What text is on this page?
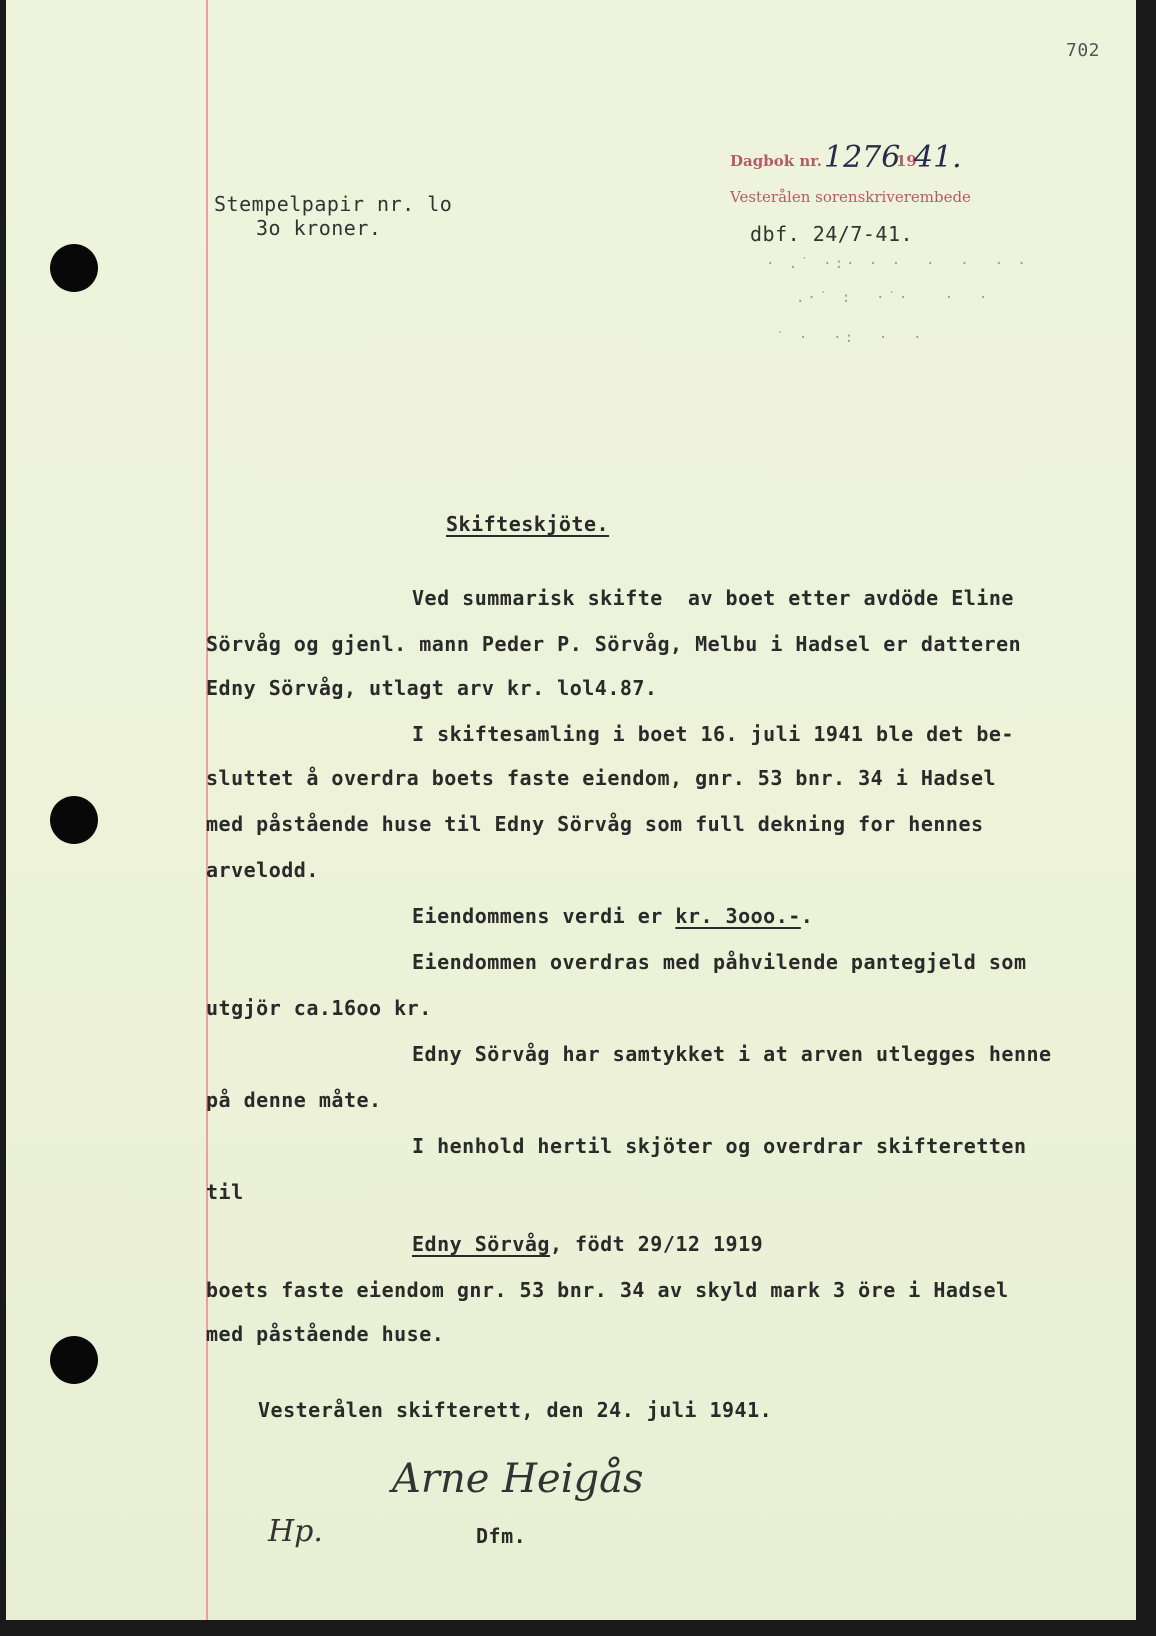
702
Dagbok nr. 1276
19
41.
Vesterålen sorenskriverembede
dbf. 24/7-41.
· .˙ ·:· · ·  ·  ·  · ·
.·˙ :  ·˙·   ·  ·
˙ ·  ·:  ·  ·
Stempelpapir nr. lo
3o kroner.
Skifteskjöte.
Ved summarisk skifte  av boet etter avdöde Eline
Sörvåg og gjenl. mann Peder P. Sörvåg, Melbu i Hadsel er datteren
Edny Sörvåg, utlagt arv kr. lol4.87.
I skiftesamling i boet 16. juli 1941 ble det be-
sluttet å overdra boets faste eiendom, gnr. 53 bnr. 34 i Hadsel
med påstående huse til Edny Sörvåg som full dekning for hennes
arvelodd.
Eiendommens verdi er kr. 3ooo.-.
Eiendommen overdras med påhvilende pantegjeld som
utgjör ca.16oo kr.
Edny Sörvåg har samtykket i at arven utlegges henne
på denne måte.
I henhold hertil skjöter og overdrar skifteretten
til
Edny Sörvåg, födt 29/12 1919
boets faste eiendom gnr. 53 bnr. 34 av skyld mark 3 öre i Hadsel
med påstående huse.
Vesterålen skifterett, den 24. juli 1941.
Arne Heigås
Dfm.
Hp.
